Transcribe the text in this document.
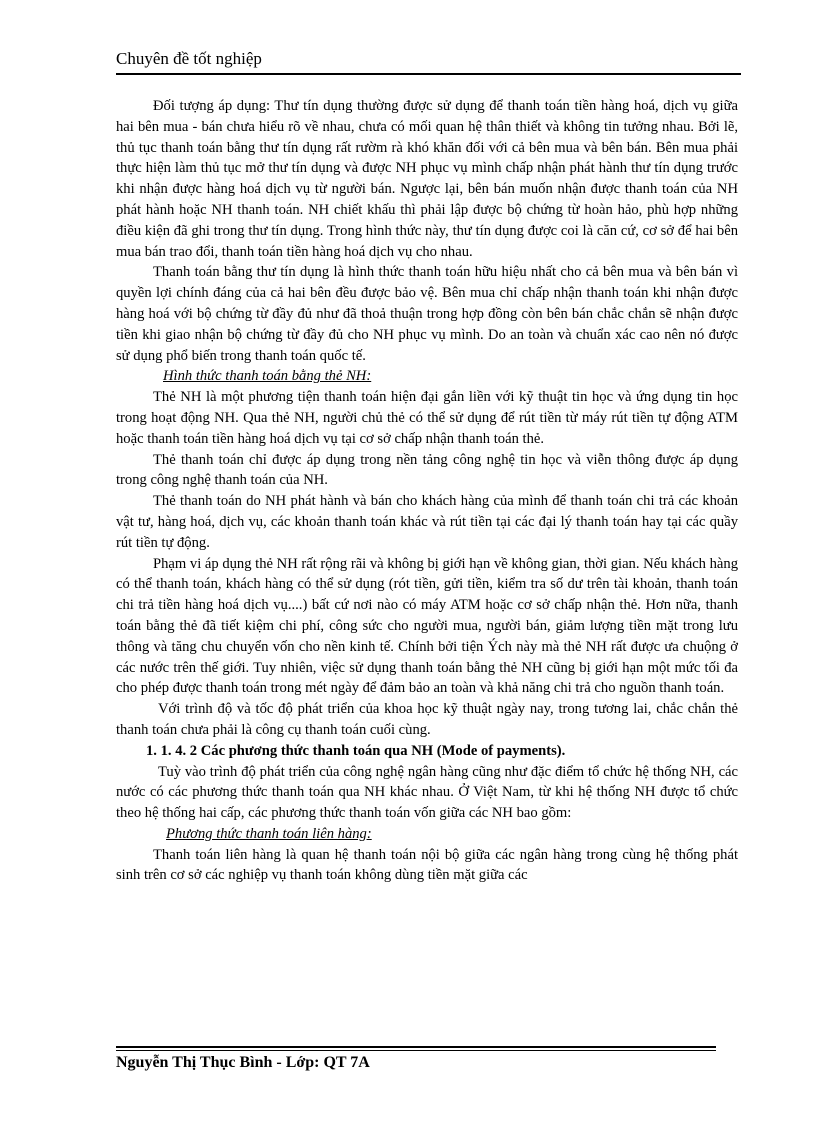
Chuyên đề tốt nghiệp

Đối tượng áp dụng: Thư tín dụng thường được sử dụng để thanh toán tiền hàng hoá, dịch vụ giữa hai bên mua - bán chưa hiểu rõ về nhau, chưa có mối quan hệ thân thiết và không tin tưởng nhau. Bởi lẽ, thủ tục thanh toán bằng thư tín dụng rất rườm rà khó khăn đối với cả bên mua và bên bán. Bên mua phải thực hiện làm thủ tục mở thư tín dụng và được NH phục vụ mình chấp nhận phát hành thư tín dụng trước khi nhận được hàng hoá dịch vụ từ người bán. Ngược lại, bên bán muốn nhận được thanh toán của NH phát hành hoặc NH thanh toán. NH chiết khấu thì phải lập được bộ chứng từ hoàn hảo, phù hợp những điều kiện đã ghi trong thư tín dụng. Trong hình thức này, thư tín dụng được coi là căn cứ, cơ sở để hai bên mua bán trao đổi, thanh toán tiền hàng hoá dịch vụ cho nhau.

Thanh toán bằng thư tín dụng là hình thức thanh toán hữu hiệu nhất cho cả bên mua và bên bán vì quyền lợi chính đáng của cả hai bên đều được bảo vệ. Bên mua chỉ chấp nhận thanh toán khi nhận được hàng hoá với bộ chứng từ đầy đủ như đã thoả thuận trong hợp đồng còn bên bán chắc chắn sẽ nhận được tiền khi giao nhận bộ chứng từ đầy đủ cho NH phục vụ mình. Do an toàn và chuẩn xác cao nên nó được sử dụng phổ biến trong thanh toán quốc tế.

Hình thức thanh toán bằng thẻ NH:

Thẻ NH là một phương tiện thanh toán hiện đại gắn liền với kỹ thuật tin học và ứng dụng tin học trong hoạt động NH. Qua thẻ NH, người chủ thẻ có thể sử dụng để rút tiền từ máy rút tiền tự động ATM hoặc thanh toán tiền hàng hoá dịch vụ tại cơ sở chấp nhận thanh toán thẻ.

Thẻ thanh toán chỉ được áp dụng trong nền tảng công nghệ tin học và viễn thông được áp dụng trong công nghệ thanh toán của NH.

Thẻ thanh toán do NH phát hành và bán cho khách hàng của mình để thanh toán chi trả các khoản vật tư, hàng hoá, dịch vụ, các khoản thanh toán khác và rút tiền tại các đại lý thanh toán hay tại các quầy rút tiền tự động.

Phạm vi áp dụng thẻ NH rất rộng rãi và không bị giới hạn về không gian, thời gian. Nếu khách hàng có thể thanh toán, khách hàng có thể sử dụng (rót tiền, gửi tiền, kiểm tra số dư trên tài khoản, thanh toán chi trả tiền hàng hoá dịch vụ....) bất cứ nơi nào có máy ATM hoặc cơ sở chấp nhận thẻ. Hơn nữa, thanh toán bằng thẻ đã tiết kiệm chi phí, công sức cho người mua, người bán, giảm lượng tiền mặt trong lưu thông và tăng chu chuyển vốn cho nền kinh tế. Chính bởi tiện Ých này mà thẻ NH rất được ưa chuộng ở các nước trên thế giới. Tuy nhiên, việc sử dụng thanh toán bằng thẻ NH cũng bị giới hạn một mức tối đa cho phép được thanh toán trong mét ngày để đảm bảo an toàn và khả năng chi trả cho nguồn thanh toán.

Với trình độ và tốc độ phát triển của khoa học kỹ thuật ngày nay, trong tương lai, chắc chắn thẻ thanh toán chưa phải là công cụ thanh toán cuối cùng.

1. 1. 4. 2 Các phương thức thanh toán qua NH (Mode of payments).

Tuỳ vào trình độ phát triển của công nghệ ngân hàng cũng như đặc điểm tổ chức hệ thống NH, các nước có các phương thức thanh toán qua NH khác nhau. Ở Việt Nam, từ khi hệ thống NH được tổ chức theo hệ thống hai cấp, các phương thức thanh toán vốn giữa các NH bao gồm:

Phương thức thanh toán liên hàng:

Thanh toán liên hàng là quan hệ thanh toán nội bộ giữa các ngân hàng trong cùng hệ thống phát sinh trên cơ sở các nghiệp vụ thanh toán không dùng tiền mặt giữa các

Nguyễn Thị Thục Bình - Lớp: QT 7A
